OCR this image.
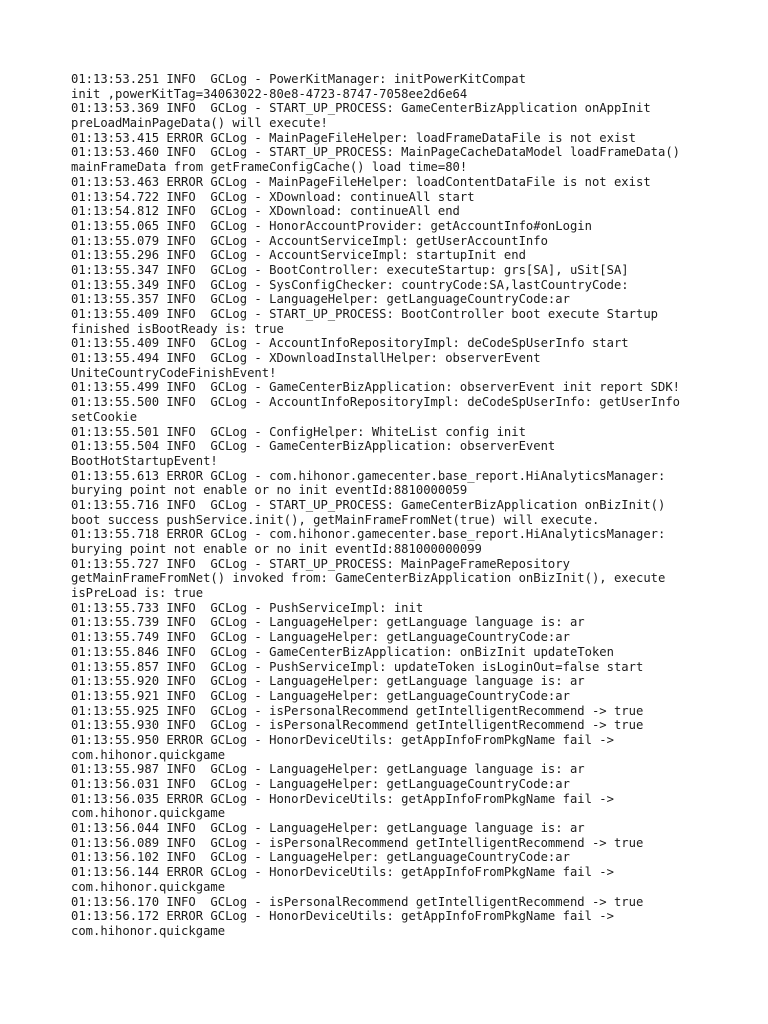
01:13:53.251 INFO  GCLog - PowerKitManager: initPowerKitCompat
init ,powerKitTag=34063022-80e8-4723-8747-7058ee2d6e64
01:13:53.369 INFO  GCLog - START_UP_PROCESS: GameCenterBizApplication onAppInit
preLoadMainPageData() will execute!
01:13:53.415 ERROR GCLog - MainPageFileHelper: loadFrameDataFile is not exist
01:13:53.460 INFO  GCLog - START_UP_PROCESS: MainPageCacheDataModel loadFrameData()
mainFrameData from getFrameConfigCache() load time=80!
01:13:53.463 ERROR GCLog - MainPageFileHelper: loadContentDataFile is not exist
01:13:54.722 INFO  GCLog - XDownload: continueAll start
01:13:54.812 INFO  GCLog - XDownload: continueAll end
01:13:55.065 INFO  GCLog - HonorAccountProvider: getAccountInfo#onLogin
01:13:55.079 INFO  GCLog - AccountServiceImpl: getUserAccountInfo
01:13:55.296 INFO  GCLog - AccountServiceImpl: startupInit end
01:13:55.347 INFO  GCLog - BootController: executeStartup: grs[SA], uSit[SA]
01:13:55.349 INFO  GCLog - SysConfigChecker: countryCode:SA,lastCountryCode:
01:13:55.357 INFO  GCLog - LanguageHelper: getLanguageCountryCode:ar
01:13:55.409 INFO  GCLog - START_UP_PROCESS: BootController boot execute Startup
finished isBootReady is: true
01:13:55.409 INFO  GCLog - AccountInfoRepositoryImpl: deCodeSpUserInfo start
01:13:55.494 INFO  GCLog - XDownloadInstallHelper: observerEvent
UniteCountryCodeFinishEvent!
01:13:55.499 INFO  GCLog - GameCenterBizApplication: observerEvent init report SDK!
01:13:55.500 INFO  GCLog - AccountInfoRepositoryImpl: deCodeSpUserInfo: getUserInfo
setCookie
01:13:55.501 INFO  GCLog - ConfigHelper: WhiteList config init
01:13:55.504 INFO  GCLog - GameCenterBizApplication: observerEvent
BootHotStartupEvent!
01:13:55.613 ERROR GCLog - com.hihonor.gamecenter.base_report.HiAnalyticsManager:
burying point not enable or no init eventId:8810000059
01:13:55.716 INFO  GCLog - START_UP_PROCESS: GameCenterBizApplication onBizInit()
boot success pushService.init(), getMainFrameFromNet(true) will execute.
01:13:55.718 ERROR GCLog - com.hihonor.gamecenter.base_report.HiAnalyticsManager:
burying point not enable or no init eventId:881000000099
01:13:55.727 INFO  GCLog - START_UP_PROCESS: MainPageFrameRepository
getMainFrameFromNet() invoked from: GameCenterBizApplication onBizInit(), execute
isPreLoad is: true
01:13:55.733 INFO  GCLog - PushServiceImpl: init
01:13:55.739 INFO  GCLog - LanguageHelper: getLanguage language is: ar
01:13:55.749 INFO  GCLog - LanguageHelper: getLanguageCountryCode:ar
01:13:55.846 INFO  GCLog - GameCenterBizApplication: onBizInit updateToken
01:13:55.857 INFO  GCLog - PushServiceImpl: updateToken isLoginOut=false start
01:13:55.920 INFO  GCLog - LanguageHelper: getLanguage language is: ar
01:13:55.921 INFO  GCLog - LanguageHelper: getLanguageCountryCode:ar
01:13:55.925 INFO  GCLog - isPersonalRecommend getIntelligentRecommend -> true
01:13:55.930 INFO  GCLog - isPersonalRecommend getIntelligentRecommend -> true
01:13:55.950 ERROR GCLog - HonorDeviceUtils: getAppInfoFromPkgName fail ->
com.hihonor.quickgame
01:13:55.987 INFO  GCLog - LanguageHelper: getLanguage language is: ar
01:13:56.031 INFO  GCLog - LanguageHelper: getLanguageCountryCode:ar
01:13:56.035 ERROR GCLog - HonorDeviceUtils: getAppInfoFromPkgName fail ->
com.hihonor.quickgame
01:13:56.044 INFO  GCLog - LanguageHelper: getLanguage language is: ar
01:13:56.089 INFO  GCLog - isPersonalRecommend getIntelligentRecommend -> true
01:13:56.102 INFO  GCLog - LanguageHelper: getLanguageCountryCode:ar
01:13:56.144 ERROR GCLog - HonorDeviceUtils: getAppInfoFromPkgName fail ->
com.hihonor.quickgame
01:13:56.170 INFO  GCLog - isPersonalRecommend getIntelligentRecommend -> true
01:13:56.172 ERROR GCLog - HonorDeviceUtils: getAppInfoFromPkgName fail ->
com.hihonor.quickgame
